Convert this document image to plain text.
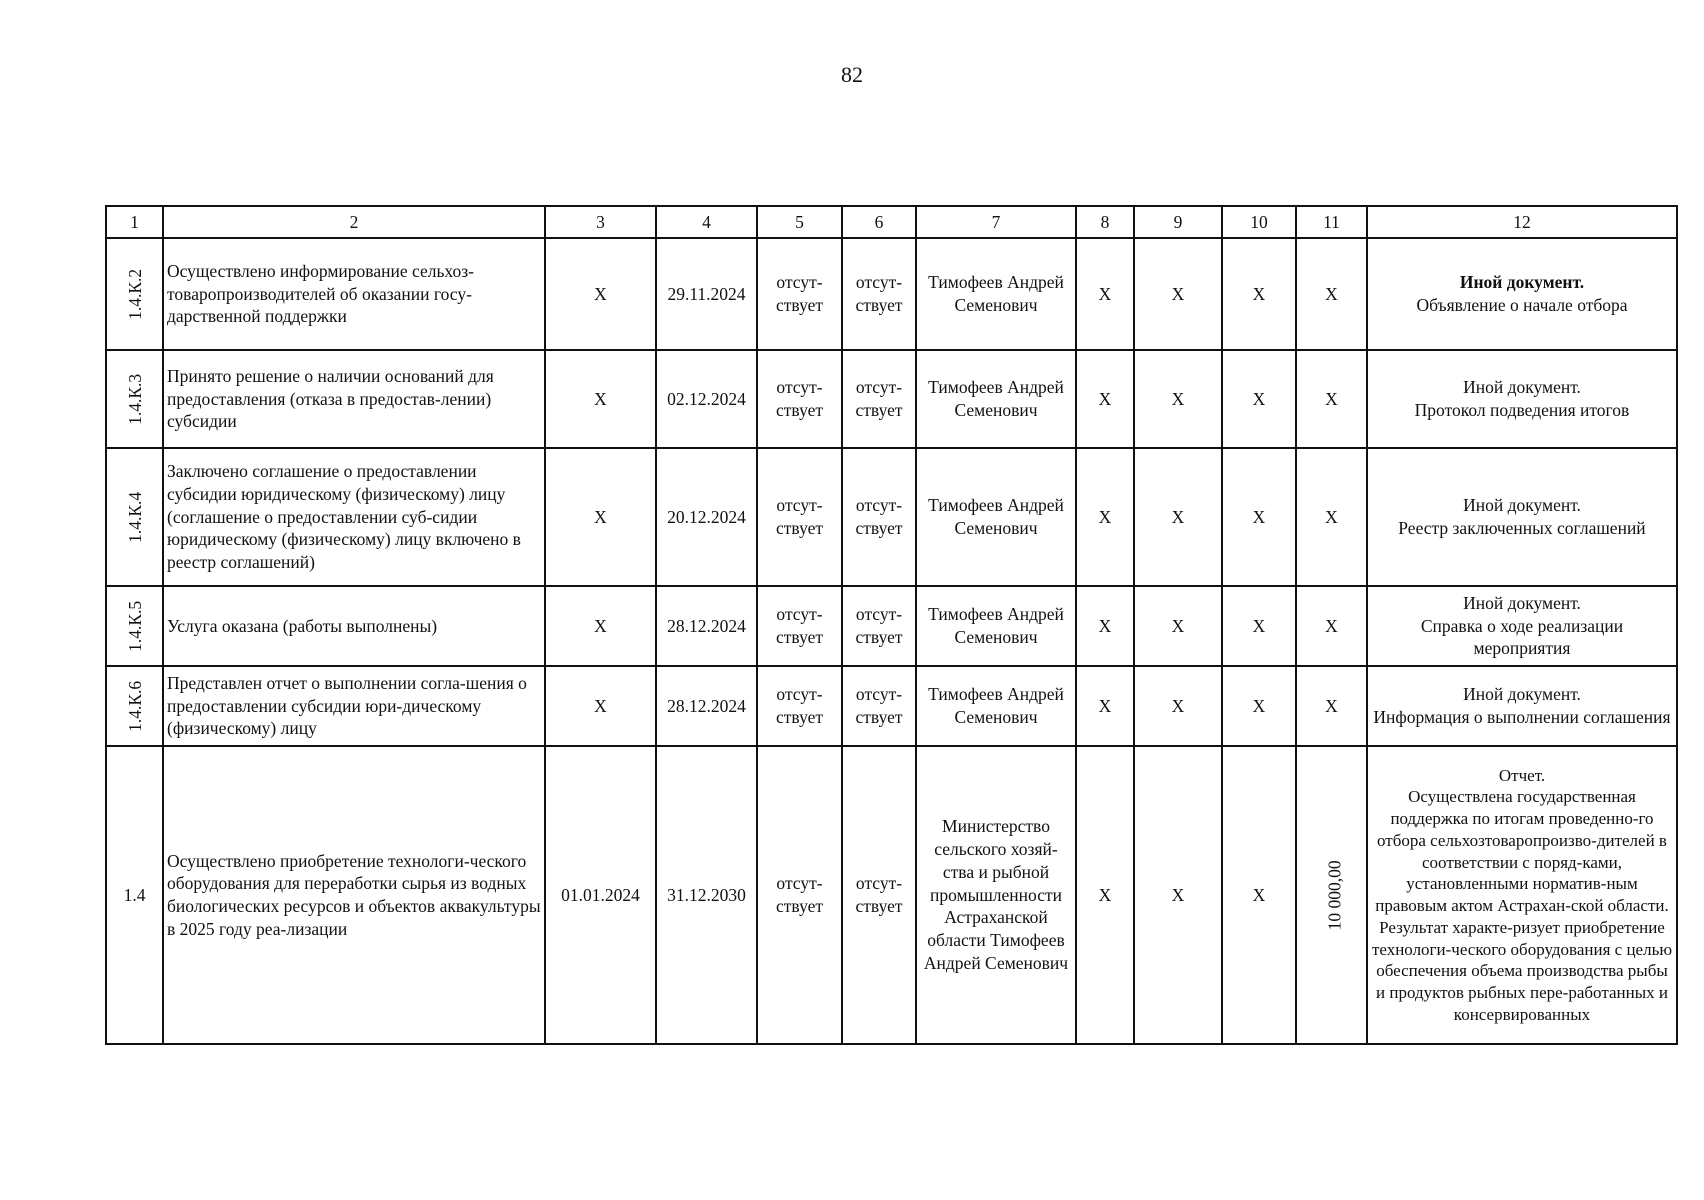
82
1	2	3	4	5	6	7	8	9	10	11	12
1.4.К.2	Осуществлено информирование сельхоз-товаропроизводителей об оказании госу-дарственной поддержки	Х	29.11.2024	отсут-ствует	отсут-ствует	Тимофеев Андрей Семенович	Х	Х	Х	Х	Иной документ.
Объявление о начале отбора

1.4.К.3	Принято решение о наличии оснований для предоставления (отказа в предостав-лении) субсидии	Х	02.12.2024	отсут-ствует	отсут-ствует	Тимофеев Андрей Семенович	Х	Х	Х	Х	Иной документ.
Протокол подведения итогов

1.4.К.4	Заключено соглашение о предоставлении субсидии юридическому (физическому) лицу (соглашение о предоставлении суб-сидии юридическому (физическому) лицу включено в реестр соглашений)	Х	20.12.2024	отсут-ствует	отсут-ствует	Тимофеев Андрей Семенович	Х	Х	Х	Х	Иной документ.
Реестр заключенных соглашений

1.4.К.5	Услуга оказана (работы выполнены)	Х	28.12.2024	отсут-ствует	отсут-ствует	Тимофеев Андрей Семенович	Х	Х	Х	Х	Иной документ.
Справка о ходе реализации мероприятия

1.4.К.6	Представлен отчет о выполнении согла-шения о предоставлении субсидии юри-дическому (физическому) лицу	Х	28.12.2024	отсут-ствует	отсут-ствует	Тимофеев Андрей Семенович	Х	Х	Х	Х	Иной документ.
Информация о выполнении соглашения

1.4	Осуществлено приобретение технологи-ческого оборудования для переработки сырья из водных биологических ресурсов и объектов аквакультуры в 2025 году реа-лизации	01.01.2024	31.12.2030	отсут-ствует	отсут-ствует	Министерство сельского хозяй-ства и рыбной промышленности Астраханской области Тимофеев Андрей Семенович	Х	Х	Х	10 000,00	Отчет.
Осуществлена государственная поддержка по итогам проведенно-го отбора сельхозтоваропроизво-дителей в соответствии с поряд-ками, установленными норматив-ным правовым актом Астрахан-ской области. Результат характе-ризует приобретение технологи-ческого оборудования с целью обеспечения объема производства рыбы и продуктов рыбных пере-работанных и консервированных
